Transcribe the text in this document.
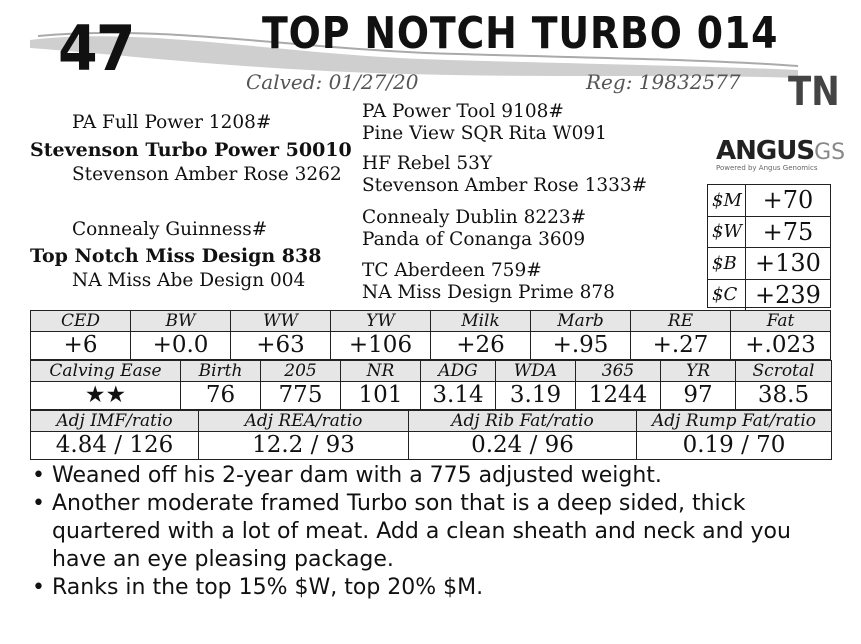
47	TOP NOTCH TURBO 014
Calved: 01/27/20	Reg: 19832577 TN
PA Full Power 1208#
Stevenson Turbo Power 50010
Stevenson Amber Rose 3262
Connealy Guinness#
Top Notch Miss Design 838
NA Miss Abe Design 004
PA Power Tool 9108#
Pine View SQR Rita W091
HF Rebel 53Y
Stevenson Amber Rose 1333#
Connealy Dublin 8223#
Panda of Conanga 3609
TC Aberdeen 759#
NA Miss Design Prime 878
ANGUSGS
Powered by Angus Genomics
$M +70
$W +75
$B +130
$C +239
CED	BW	WW	YW	Milk	Marb	RE	Fat
+6	+0.0	+63	+106	+26	+.95	+.27	+.023
Calving Ease	Birth	205	NR	ADG	WDA	365	YR	Scrotal
★★	76	775	101	3.14	3.19	1244	97	38.5
Adj IMF/ratio	Adj REA/ratio	Adj Rib Fat/ratio	Adj Rump Fat/ratio
4.84 / 126	12.2 / 93	0.24 / 96	0.19 / 70
• Weaned off his 2-year dam with a 775 adjusted weight.
• Another moderate framed Turbo son that is a deep sided, thick quartered with a lot of meat. Add a clean sheath and neck and you have an eye pleasing package.
• Ranks in the top 15% $W, top 20% $M.
